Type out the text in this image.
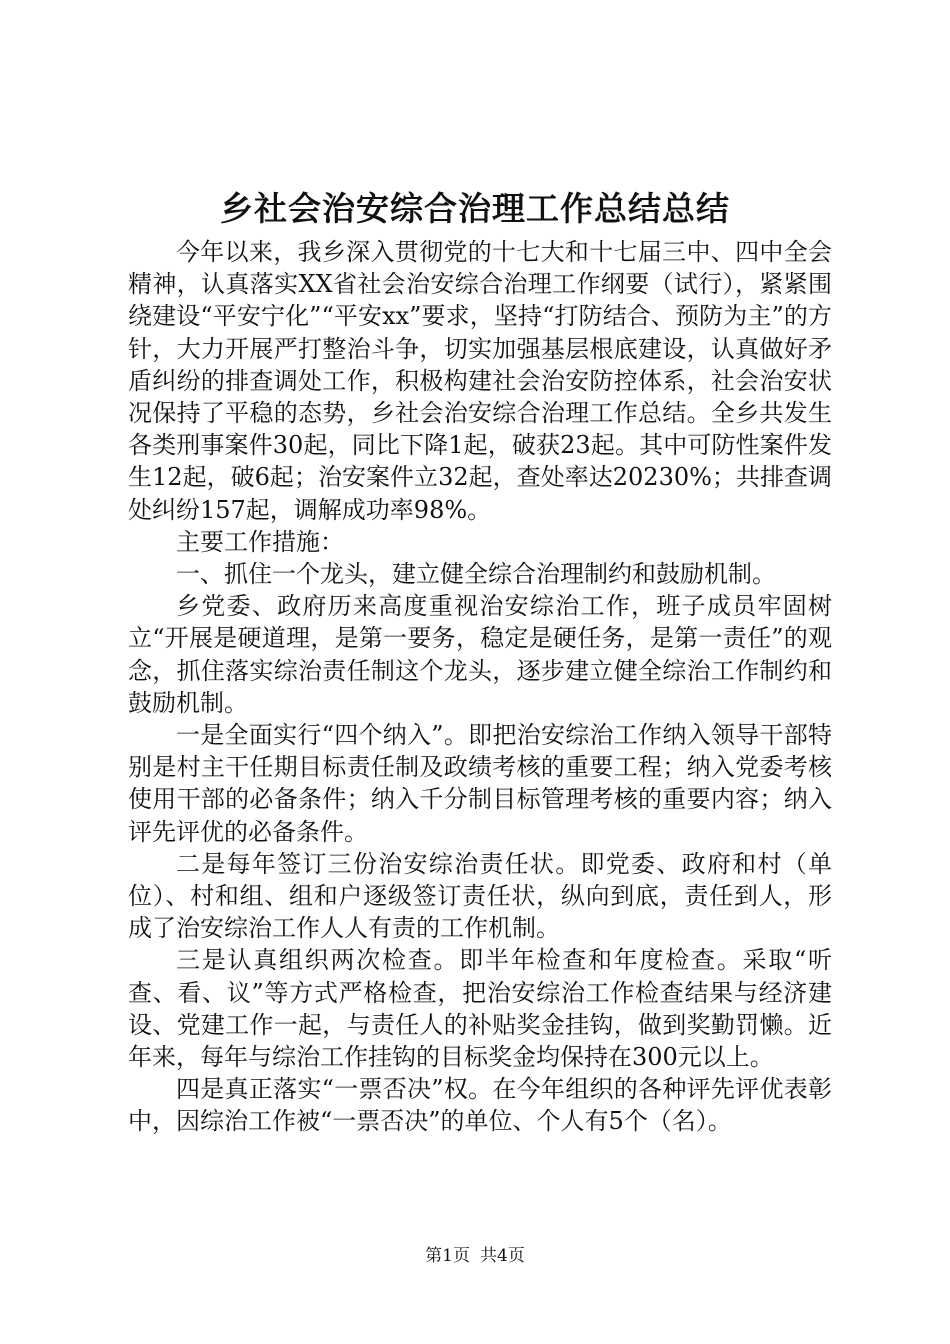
乡社会治安综合治理工作总结总结

今年以来，我乡深入贯彻党的十七大和十七届三中、四中全会精神，认真落实XX省社会治安综合治理工作纲要（试行），紧紧围绕建设“平安宁化”“平安xx”要求，坚持“打防结合、预防为主”的方针，大力开展严打整治斗争，切实加强基层根底建设，认真做好矛盾纠纷的排查调处工作，积极构建社会治安防控体系，社会治安状况保持了平稳的态势，乡社会治安综合治理工作总结。全乡共发生各类刑事案件30起，同比下降1起，破获23起。其中可防性案件发生12起，破6起；治安案件立32起，查处率达20230%；共排查调处纠纷157起，调解成功率98%。

主要工作措施：

一、抓住一个龙头，建立健全综合治理制约和鼓励机制。

乡党委、政府历来高度重视治安综治工作，班子成员牢固树立“开展是硬道理，是第一要务，稳定是硬任务，是第一责任”的观念，抓住落实综治责任制这个龙头，逐步建立健全综治工作制约和鼓励机制。

一是全面实行“四个纳入”。即把治安综治工作纳入领导干部特别是村主干任期目标责任制及政绩考核的重要工程；纳入党委考核使用干部的必备条件；纳入千分制目标管理考核的重要内容；纳入评先评优的必备条件。

二是每年签订三份治安综治责任状。即党委、政府和村（单位）、村和组、组和户逐级签订责任状，纵向到底，责任到人，形成了治安综治工作人人有责的工作机制。

三是认真组织两次检查。即半年检查和年度检查。采取“听查、看、议”等方式严格检查，把治安综治工作检查结果与经济建设、党建工作一起，与责任人的补贴奖金挂钩，做到奖勤罚懒。近年来，每年与综治工作挂钩的目标奖金均保持在300元以上。

四是真正落实“一票否决”权。在今年组织的各种评先评优表彰中，因综治工作被“一票否决”的单位、个人有5个（名）。

第1页 共4页
